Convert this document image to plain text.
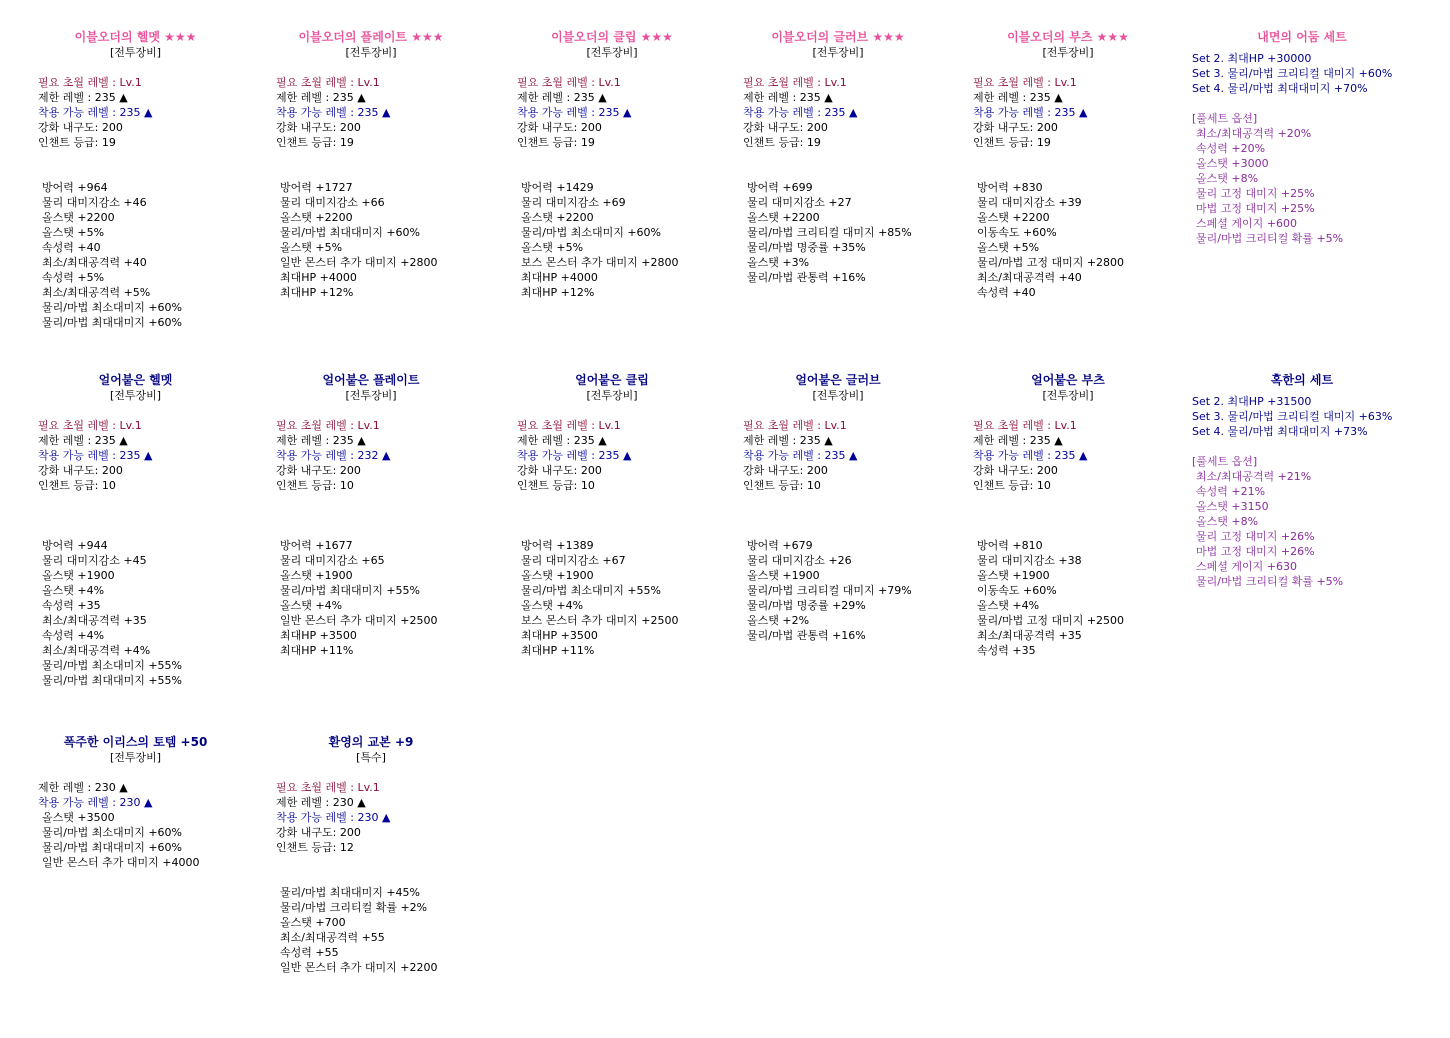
이블오더의 헬멧 ★★★
[전투장비]
필요 초월 레벨 : Lv.1
제한 레벨 : 235 ▲
착용 가능 레벨 : 235 ▲
강화 내구도: 200
인챈트 등급: 19
방어력 +964
물리 대미지감소 +46
올스탯 +2200
올스탯 +5%
속성력 +40
최소/최대공격력 +40
속성력 +5%
최소/최대공격력 +5%
물리/마법 최소대미지 +60%
물리/마법 최대대미지 +60%
이블오더의 플레이트 ★★★
[전투장비]
필요 초월 레벨 : Lv.1
제한 레벨 : 235 ▲
착용 가능 레벨 : 235 ▲
강화 내구도: 200
인챈트 등급: 19
방어력 +1727
물리 대미지감소 +66
올스탯 +2200
물리/마법 최대대미지 +60%
올스탯 +5%
일반 몬스터 추가 대미지 +2800
최대HP +4000
최대HP +12%
이블오더의 클립 ★★★
[전투장비]
필요 초월 레벨 : Lv.1
제한 레벨 : 235 ▲
착용 가능 레벨 : 235 ▲
강화 내구도: 200
인챈트 등급: 19
방어력 +1429
물리 대미지감소 +69
올스탯 +2200
물리/마법 최소대미지 +60%
올스탯 +5%
보스 몬스터 추가 대미지 +2800
최대HP +4000
최대HP +12%
이블오더의 글러브 ★★★
[전투장비]
필요 초월 레벨 : Lv.1
제한 레벨 : 235 ▲
착용 가능 레벨 : 235 ▲
강화 내구도: 200
인챈트 등급: 19
방어력 +699
물리 대미지감소 +27
올스탯 +2200
물리/마법 크리티컬 대미지 +85%
물리/마법 명중률 +35%
올스탯 +3%
물리/마법 관통력 +16%
이블오더의 부츠 ★★★
[전투장비]
필요 초월 레벨 : Lv.1
제한 레벨 : 235 ▲
착용 가능 레벨 : 235 ▲
강화 내구도: 200
인챈트 등급: 19
방어력 +830
물리 대미지감소 +39
올스탯 +2200
이동속도 +60%
올스탯 +5%
물리/마법 고정 대미지 +2800
최소/최대공격력 +40
속성력 +40
내면의 어둠 세트
Set 2. 최대HP +30000
Set 3. 물리/마법 크리티컬 대미지 +60%
Set 4. 물리/마법 최대대미지 +70%
[풀세트 옵션]
최소/최대공격력 +20%
속성력 +20%
올스탯 +3000
올스탯 +8%
물리 고정 대미지 +25%
마법 고정 대미지 +25%
스페셜 게이지 +600
물리/마법 크리티컬 확률 +5%
얼어붙은 헬멧
[전투장비]
필요 초월 레벨 : Lv.1
제한 레벨 : 235 ▲
착용 가능 레벨 : 235 ▲
강화 내구도: 200
인챈트 등급: 10
방어력 +944
물리 대미지감소 +45
올스탯 +1900
올스탯 +4%
속성력 +35
최소/최대공격력 +35
속성력 +4%
최소/최대공격력 +4%
물리/마법 최소대미지 +55%
물리/마법 최대대미지 +55%
얼어붙은 플레이트
[전투장비]
필요 초월 레벨 : Lv.1
제한 레벨 : 235 ▲
착용 가능 레벨 : 232 ▲
강화 내구도: 200
인챈트 등급: 10
방어력 +1677
물리 대미지감소 +65
올스탯 +1900
물리/마법 최대대미지 +55%
올스탯 +4%
일반 몬스터 추가 대미지 +2500
최대HP +3500
최대HP +11%
얼어붙은 클립
[전투장비]
필요 초월 레벨 : Lv.1
제한 레벨 : 235 ▲
착용 가능 레벨 : 235 ▲
강화 내구도: 200
인챈트 등급: 10
방어력 +1389
물리 대미지감소 +67
올스탯 +1900
물리/마법 최소대미지 +55%
올스탯 +4%
보스 몬스터 추가 대미지 +2500
최대HP +3500
최대HP +11%
얼어붙은 글러브
[전투장비]
필요 초월 레벨 : Lv.1
제한 레벨 : 235 ▲
착용 가능 레벨 : 235 ▲
강화 내구도: 200
인챈트 등급: 10
방어력 +679
물리 대미지감소 +26
올스탯 +1900
물리/마법 크리티컬 대미지 +79%
물리/마법 명중률 +29%
올스탯 +2%
물리/마법 관통력 +16%
얼어붙은 부츠
[전투장비]
필요 초월 레벨 : Lv.1
제한 레벨 : 235 ▲
착용 가능 레벨 : 235 ▲
강화 내구도: 200
인챈트 등급: 10
방어력 +810
물리 대미지감소 +38
올스탯 +1900
이동속도 +60%
올스탯 +4%
물리/마법 고정 대미지 +2500
최소/최대공격력 +35
속성력 +35
혹한의 세트
Set 2. 최대HP +31500
Set 3. 물리/마법 크리티컬 대미지 +63%
Set 4. 물리/마법 최대대미지 +73%
[풀세트 옵션]
최소/최대공격력 +21%
속성력 +21%
올스탯 +3150
올스탯 +8%
물리 고정 대미지 +26%
마법 고정 대미지 +26%
스페셜 게이지 +630
물리/마법 크리티컬 확률 +5%
폭주한 이리스의 토템 +50
[전투장비]
제한 레벨 : 230 ▲
착용 가능 레벨 : 230 ▲
올스탯 +3500
물리/마법 최소대미지 +60%
물리/마법 최대대미지 +60%
일반 몬스터 추가 대미지 +4000
환영의 교본 +9
[특수]
필요 초월 레벨 : Lv.1
제한 레벨 : 230 ▲
착용 가능 레벨 : 230 ▲
강화 내구도: 200
인챈트 등급: 12
물리/마법 최대대미지 +45%
물리/마법 크리티컬 확률 +2%
올스탯 +700
최소/최대공격력 +55
속성력 +55
일반 몬스터 추가 대미지 +2200
